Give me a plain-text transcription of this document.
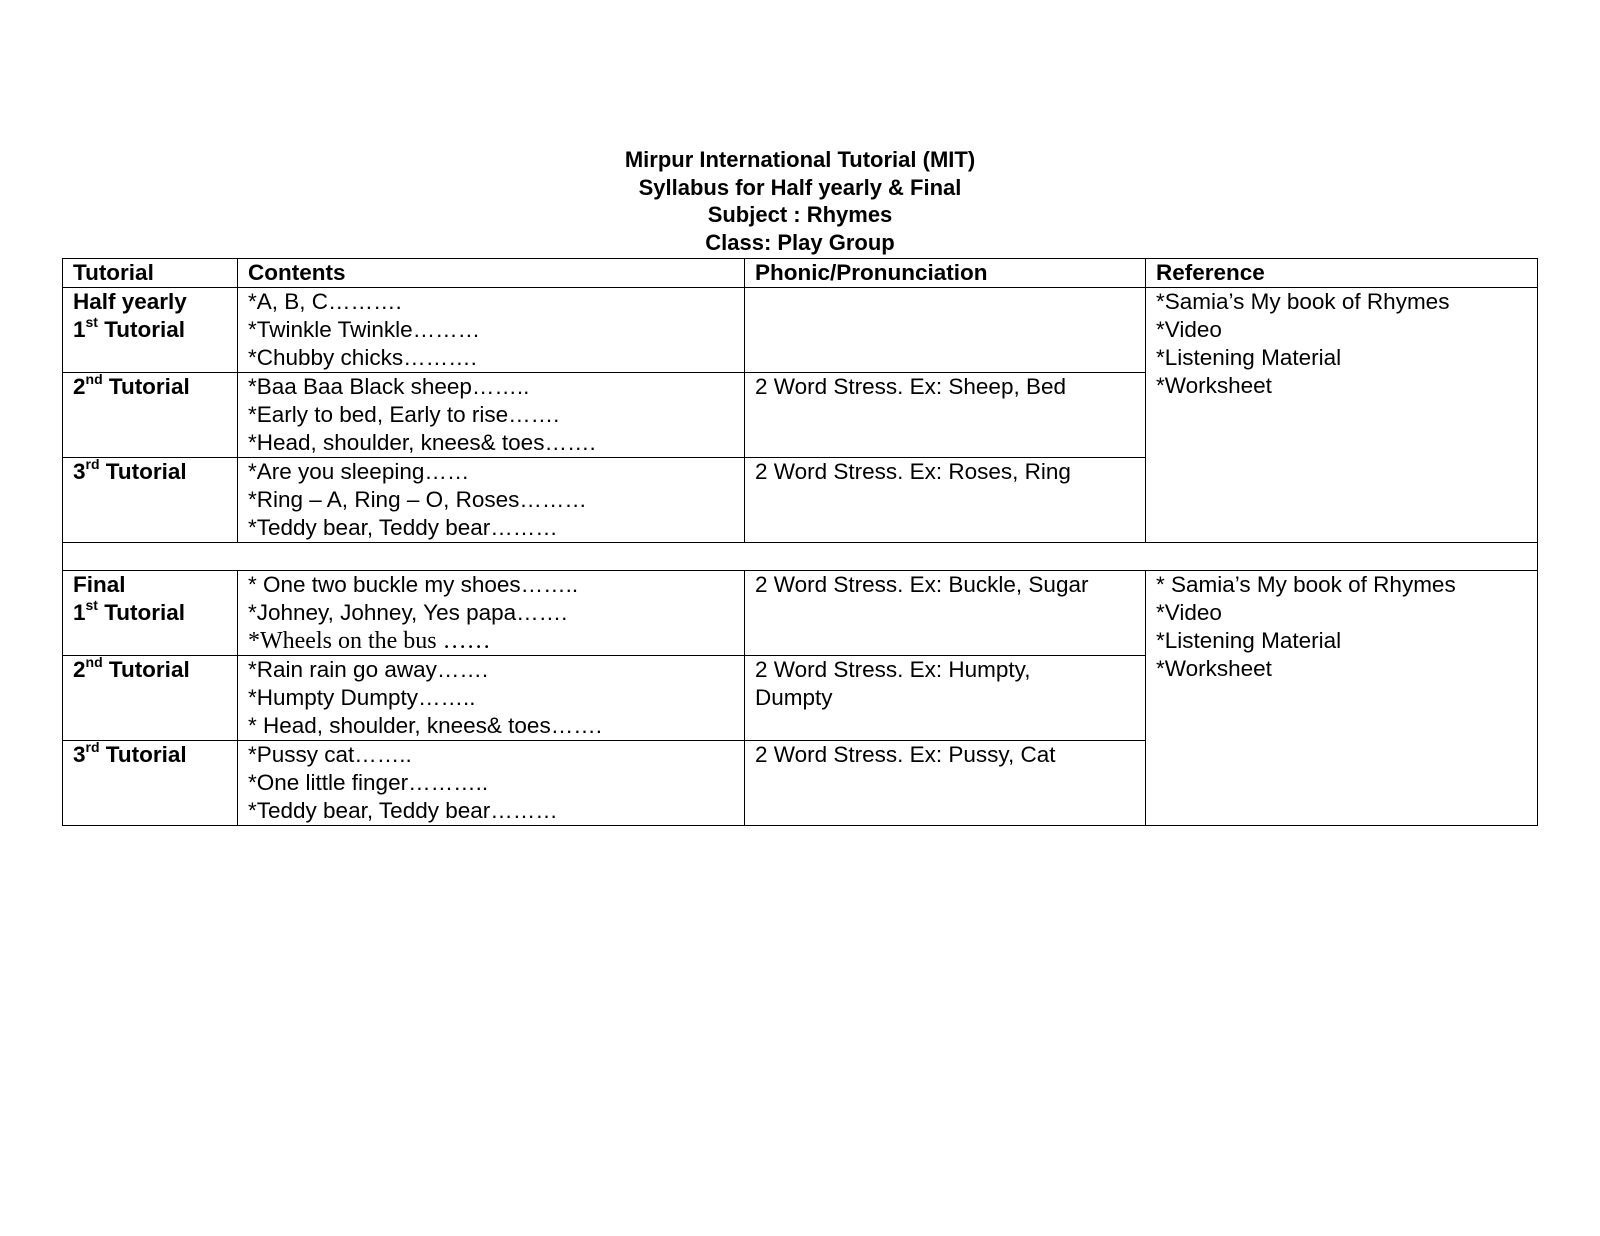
Mirpur International Tutorial (MIT)
Syllabus for Half yearly & Final
Subject : Rhymes
Class: Play Group
Tutorial	Contents	Phonic/Pronunciation	Reference

Half yearly
1st Tutorial	*A, B, C……….
*Twinkle Twinkle………
*Chubby chicks……….		*Samia’s My book of Rhymes
*Video
*Listening Material
*Worksheet

2nd Tutorial	*Baa Baa Black sheep……..
*Early to bed, Early to rise…….
*Head, shoulder, knees& toes…….	2 Word Stress. Ex: Sheep, Bed	

3rd Tutorial	*Are you sleeping……
*Ring – A, Ring – O, Roses………
*Teddy bear, Teddy bear………	2 Word Stress. Ex: Roses, Ring	

Final
1st Tutorial	* One two buckle my shoes……..
*Johney, Johney, Yes papa…….
*Wheels on the bus ……	2 Word Stress. Ex: Buckle, Sugar	* Samia’s My book of Rhymes
*Video
*Listening Material
*Worksheet

2nd Tutorial	*Rain rain go away…….
*Humpty Dumpty……..
* Head, shoulder, knees& toes…….	2 Word Stress. Ex: Humpty, Dumpty	

3rd Tutorial	*Pussy cat……..
*One little finger………..
*Teddy bear, Teddy bear………	2 Word Stress. Ex: Pussy, Cat	
